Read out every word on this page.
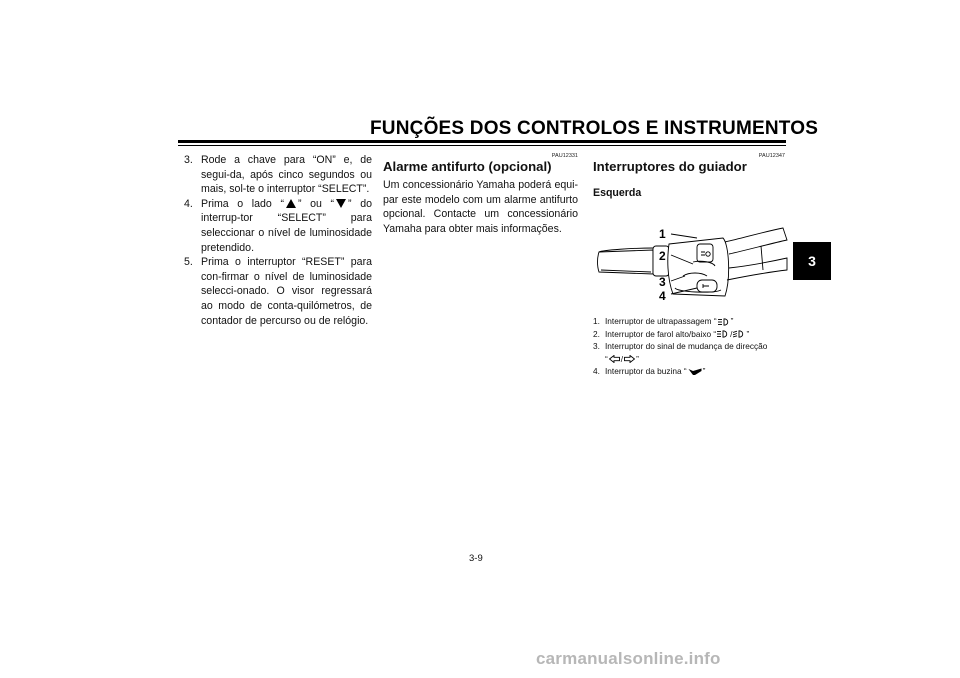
FUNÇÕES DOS CONTROLOS E INSTRUMENTOS
3
3. Rode a chave para “ON” e, de segui-da, após cinco segundos ou mais, sol-te o interruptor “SELECT”.
4. Prima o lado “ ” ou “ ” do interrup-tor “SELECT” para seleccionar o nível de luminosidade pretendido.
5. Prima o interruptor “RESET” para con-firmar o nível de luminosidade selecci-onado. O visor regressará ao modo de conta-quilómetros, de contador de percurso ou de relógio.
PAU12331
Alarme antifurto (opcional)

Um concessionário Yamaha poderá equi-par este modelo com um alarme antifurto opcional. Contacte um concessionário Yamaha para obter mais informações.

PAU12347
Interruptores do guiador
Esquerda
1
2
3
4
1. Interruptor de ultrapassagem “ ”
2. Interruptor de farol alto/baixo “ / ”
3. Interruptor do sinal de mudança de direcção
“ / ”
4. Interruptor da buzina “ ”
3-9
carmanualsonline.info
